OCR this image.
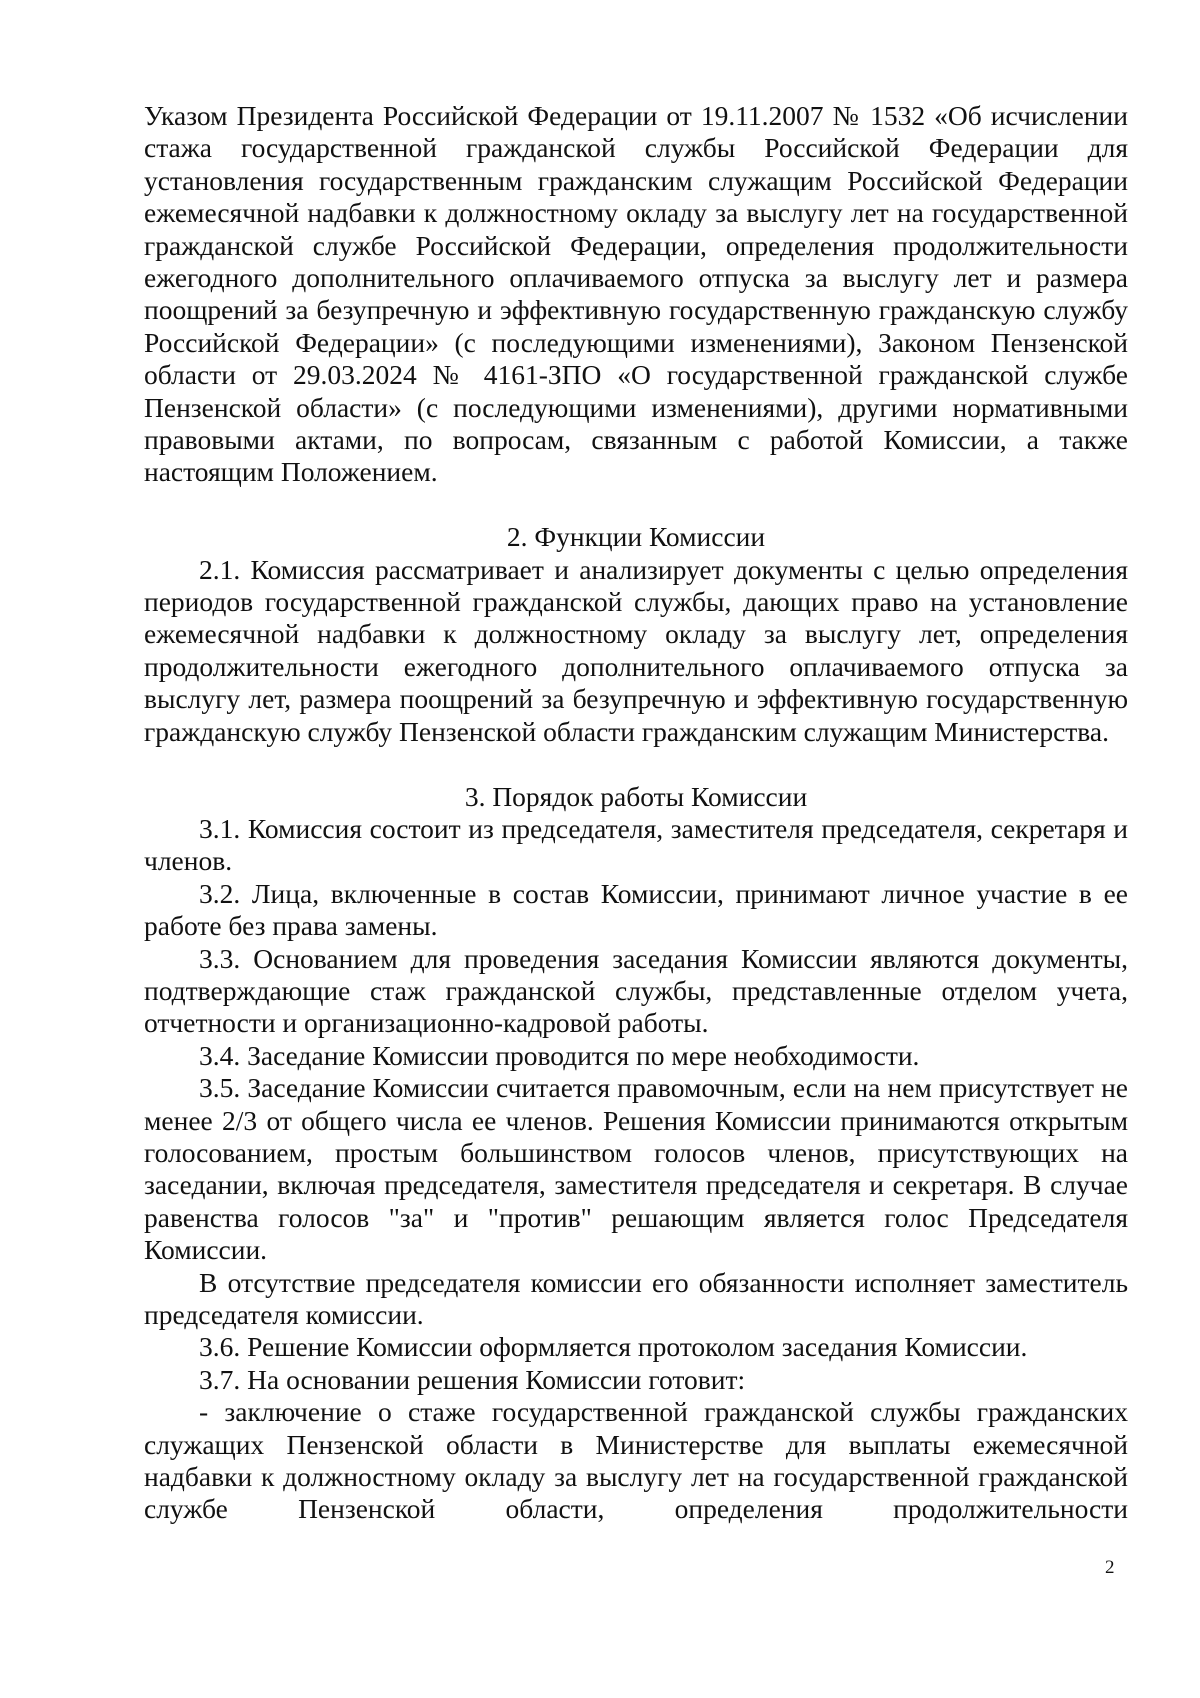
Указом Президента Российской Федерации от 19.11.2007 № 1532 «Об исчислении стажа государственной гражданской службы Российской Федерации для установления государственным гражданским служащим Российской Федерации ежемесячной надбавки к должностному окладу за выслугу лет на государственной гражданской службе Российской Федерации, определения продолжительности ежегодного дополнительного оплачиваемого отпуска за выслугу лет и размера поощрений за безупречную и эффективную государственную гражданскую службу Российской Федерации» (с последующими изменениями), Законом Пензенской области от 29.03.2024 № 4161-ЗПО «О государственной гражданской службе Пензенской области» (с последующими изменениями), другими нормативными правовыми актами, по вопросам, связанным с работой Комиссии, а также настоящим Положением.

2. Функции Комиссии

2.1. Комиссия рассматривает и анализирует документы с целью определения периодов государственной гражданской службы, дающих право на установление ежемесячной надбавки к должностному окладу за выслугу лет, определения продолжительности ежегодного дополнительного оплачиваемого отпуска за выслугу лет, размера поощрений за безупречную и эффективную государственную гражданскую службу Пензенской области гражданским служащим Министерства.

3. Порядок работы Комиссии

3.1. Комиссия состоит из председателя, заместителя председателя, секретаря и членов.

3.2. Лица, включенные в состав Комиссии, принимают личное участие в ее работе без права замены.

3.3. Основанием для проведения заседания Комиссии являются документы, подтверждающие стаж гражданской службы, представленные отделом учета, отчетности и организационно-кадровой работы.

3.4. Заседание Комиссии проводится по мере необходимости.

3.5. Заседание Комиссии считается правомочным, если на нем присутствует не менее 2/3 от общего числа ее членов. Решения Комиссии принимаются открытым голосованием, простым большинством голосов членов, присутствующих на заседании, включая председателя, заместителя председателя и секретаря. В случае равенства голосов "за" и "против" решающим является голос Председателя Комиссии.

В отсутствие председателя комиссии его обязанности исполняет заместитель председателя комиссии.

3.6. Решение Комиссии оформляется протоколом заседания Комиссии.

3.7. На основании решения Комиссии готовит:

- заключение о стаже государственной гражданской службы гражданских служащих Пензенской области в Министерстве для выплаты ежемесячной надбавки к должностному окладу за выслугу лет на государственной гражданской службе Пензенской области, определения продолжительности

2
